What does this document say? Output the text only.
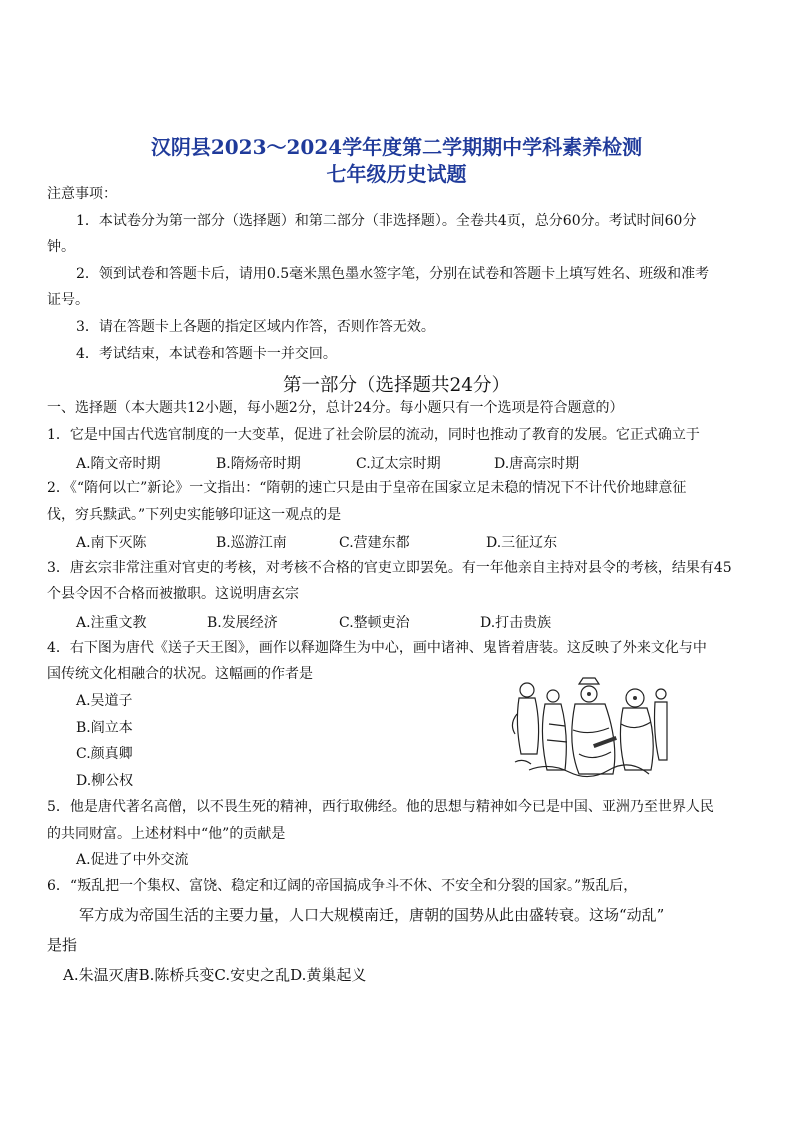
汉阴县2023～2024学年度第二学期期中学科素养检测
七年级历史试题
注意事项：
1．本试卷分为第一部分（选择题）和第二部分（非选择题）。全卷共4页，总分60分。考试时间60分
钟。
2．领到试卷和答题卡后，请用0.5毫米黑色墨水签字笔，分别在试卷和答题卡上填写姓名、班级和准考
证号。
3．请在答题卡上各题的指定区域内作答，否则作答无效。
4．考试结束，本试卷和答题卡一并交回。
第一部分（选择题共24分）
一、选择题（本大题共12小题，每小题2分，总计24分。每小题只有一个选项是符合题意的）
1．它是中国古代选官制度的一大变革，促进了社会阶层的流动，同时也推动了教育的发展。它正式确立于
A.隋文帝时期	B.隋炀帝时期	C.辽太宗时期	D.唐高宗时期
2．《“隋何以亡”新论》一文指出：“隋朝的速亡只是由于皇帝在国家立足未稳的情况下不计代价地肆意征
伐，穷兵黩武。”下列史实能够印证这一观点的是
A.南下灭陈	B.巡游江南	C.营建东都	D.三征辽东
3．唐玄宗非常注重对官吏的考核，对考核不合格的官吏立即罢免。有一年他亲自主持对县令的考核，结果有45
个县令因不合格而被撤职。这说明唐玄宗
A.注重文教	B.发展经济	C.整顿吏治	D.打击贵族
4．右下图为唐代《送子天王图》，画作以释迦降生为中心，画中诸神、鬼皆着唐装。这反映了外来文化与中
国传统文化相融合的状况。这幅画的作者是
A.吴道子
B.阎立本
C.颜真卿
D.柳公权
5．他是唐代著名高僧，以不畏生死的精神，西行取佛经。他的思想与精神如今已是中国、亚洲乃至世界人民
的共同财富。上述材料中“他”的贡献是
A.促进了中外交流
6．“叛乱把一个集权、富饶、稳定和辽阔的帝国搞成争斗不休、不安全和分裂的国家。”叛乱后，
军方成为帝国生活的主要力量，人口大规模南迁，唐朝的国势从此由盛转衰。这场“动乱”
是指
A.朱温灭唐B.陈桥兵变C.安史之乱D.黄巢起义
